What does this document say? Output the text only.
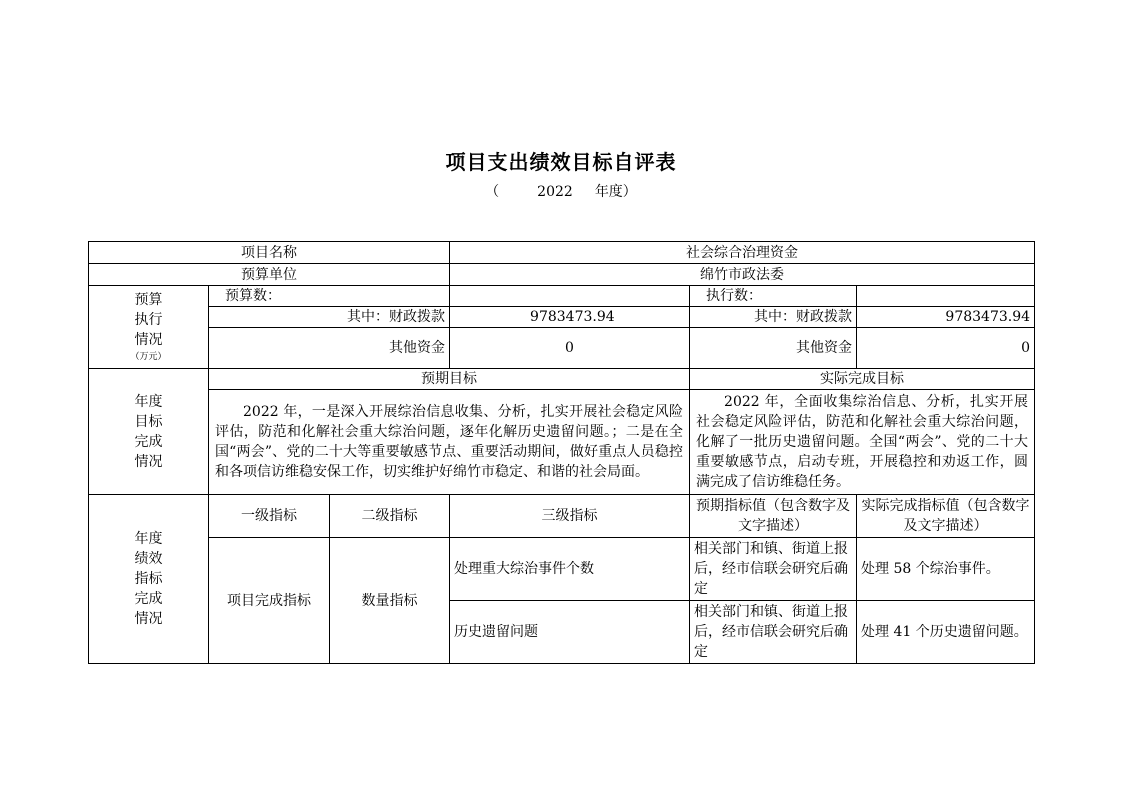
项目支出绩效目标自评表
（	2022 年度）
项目名称			社会综合治理资金		
预算单位			绵竹市政法委		

预算
执行
情况
（万元）	预算数：			执行数：	
	其中：财政拨款		9783473.94	其中：财政拨款	9783473.94
	其他资金		0	其他资金	0
年度
目标
完成
情况	预期目标			实际完成目标	
	2022 年，一是深入开展综治信息收集、分析，扎实开展社会稳定风险评估，防范和化解社会重大综治问题，逐年化解历史遗留问题。；二是在全国“两会”、党的二十大等重要敏感节点、重要活动期间，做好重点人员稳控和各项信访维稳安保工作，切实维护好绵竹市稳定、和谐的社会局面。			2022 年，全面收集综治信息、分析，扎实开展社会稳定风险评估，防范和化解社会重大综治问题，化解了一批历史遗留问题。全国“两会”、党的二十大重要敏感节点，启动专班，开展稳控和劝返工作，圆满完成了信访维稳任务。	
年度
绩效
指标
完成
情况	一级指标	二级指标	三级指标	预期指标值（包含数字及文字描述）	实际完成指标值（包含数字及文字描述）
	项目完成指标	数量指标	处理重大综治事件个数	相关部门和镇、街道上报后，经市信联会研究后确定	处理 58 个综治事件。
			历史遗留问题	相关部门和镇、街道上报后，经市信联会研究后确定	处理 41 个历史遗留问题。
